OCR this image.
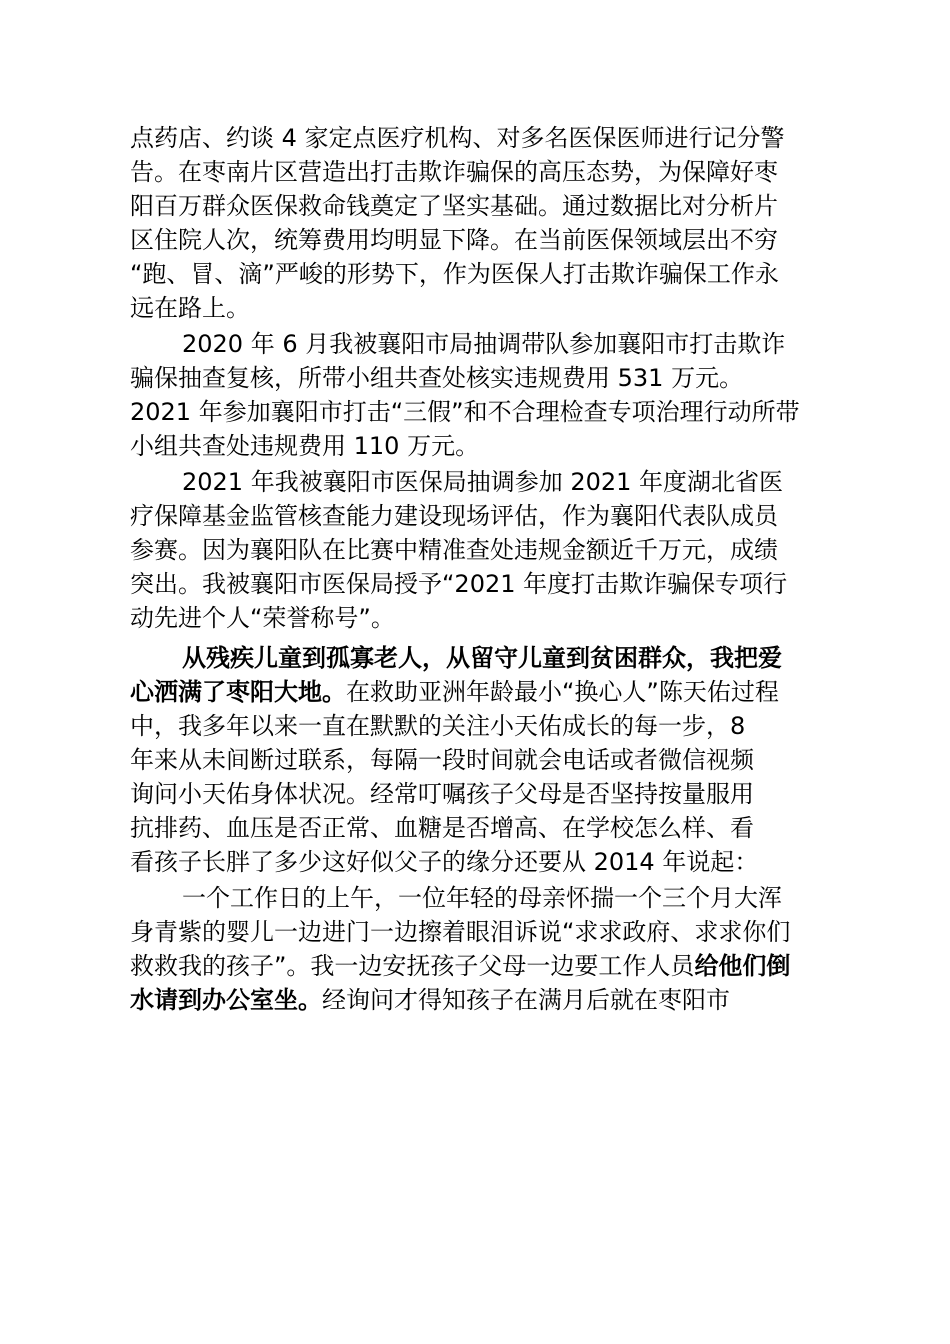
点药店、约谈 4 家定点医疗机构、对多名医保医师进行记分警
告。在枣南片区营造出打击欺诈骗保的高压态势，为保障好枣
阳百万群众医保救命钱奠定了坚实基础。通过数据比对分析片
区住院人次，统筹费用均明显下降。在当前医保领域层出不穷
“跑、冒、滴”严峻的形势下，作为医保人打击欺诈骗保工作永
远在路上。
2020 年 6 月我被襄阳市局抽调带队参加襄阳市打击欺诈
骗保抽查复核，所带小组共查处核实违规费用 531 万元。
2021 年参加襄阳市打击“三假”和不合理检查专项治理行动所带
小组共查处违规费用 110 万元。
2021 年我被襄阳市医保局抽调参加 2021 年度湖北省医
疗保障基金监管核查能力建设现场评估，作为襄阳代表队成员
参赛。因为襄阳队在比赛中精准查处违规金额近千万元，成绩
突出。我被襄阳市医保局授予“2021 年度打击欺诈骗保专项行
动先进个人“荣誉称号”。
从残疾儿童到孤寡老人，从留守儿童到贫困群众，我把爱
心洒满了枣阳大地。在救助亚洲年龄最小“换心人”陈天佑过程
中，我多年以来一直在默默的关注小天佑成长的每一步，8
年来从未间断过联系，每隔一段时间就会电话或者微信视频
询问小天佑身体状况。经常叮嘱孩子父母是否坚持按量服用
抗排药、血压是否正常、血糖是否增高、在学校怎么样、看
看孩子长胖了多少这好似父子的缘分还要从 2014 年说起：
一个工作日的上午，一位年轻的母亲怀揣一个三个月大浑
身青紫的婴儿一边进门一边擦着眼泪诉说“求求政府、求求你们
救救我的孩子”。我一边安抚孩子父母一边要工作人员给他们倒
水请到办公室坐。经询问才得知孩子在满月后就在枣阳市
